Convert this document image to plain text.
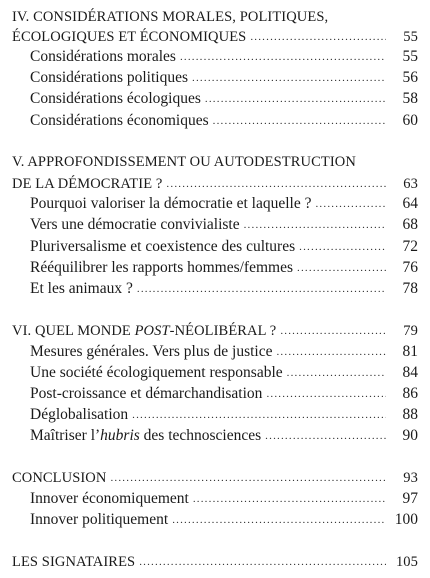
IV. CONSIDÉRATIONS MORALES, POLITIQUES,
ÉCOLOGIQUES ET ÉCONOMIQUES .....	55
Considérations morales .....	55
Considérations politiques .....	56
Considérations écologiques .....	58
Considérations économiques .....	60
V. APPROFONDISSEMENT OU AUTODESTRUCTION
DE LA DÉMOCRATIE ? .....	63
Pourquoi valoriser la démocratie et laquelle ? .....	64
Vers une démocratie convivialiste .....	68
Pluriversalisme et coexistence des cultures .....	72
Rééquilibrer les rapports hommes/femmes .....	76
Et les animaux ? .....	78
VI. QUEL MONDE POST-NÉOLIBÉRAL ? .....	79
Mesures générales. Vers plus de justice .....	81
Une société écologiquement responsable .....	84
Post-croissance et démarchandisation .....	86
Déglobalisation .....	88
Maîtriser l’hubris des technosciences .....	90
CONCLUSION .....	93
Innover économiquement .....	97
Innover politiquement .....	100
LES SIGNATAIRES .....	105
